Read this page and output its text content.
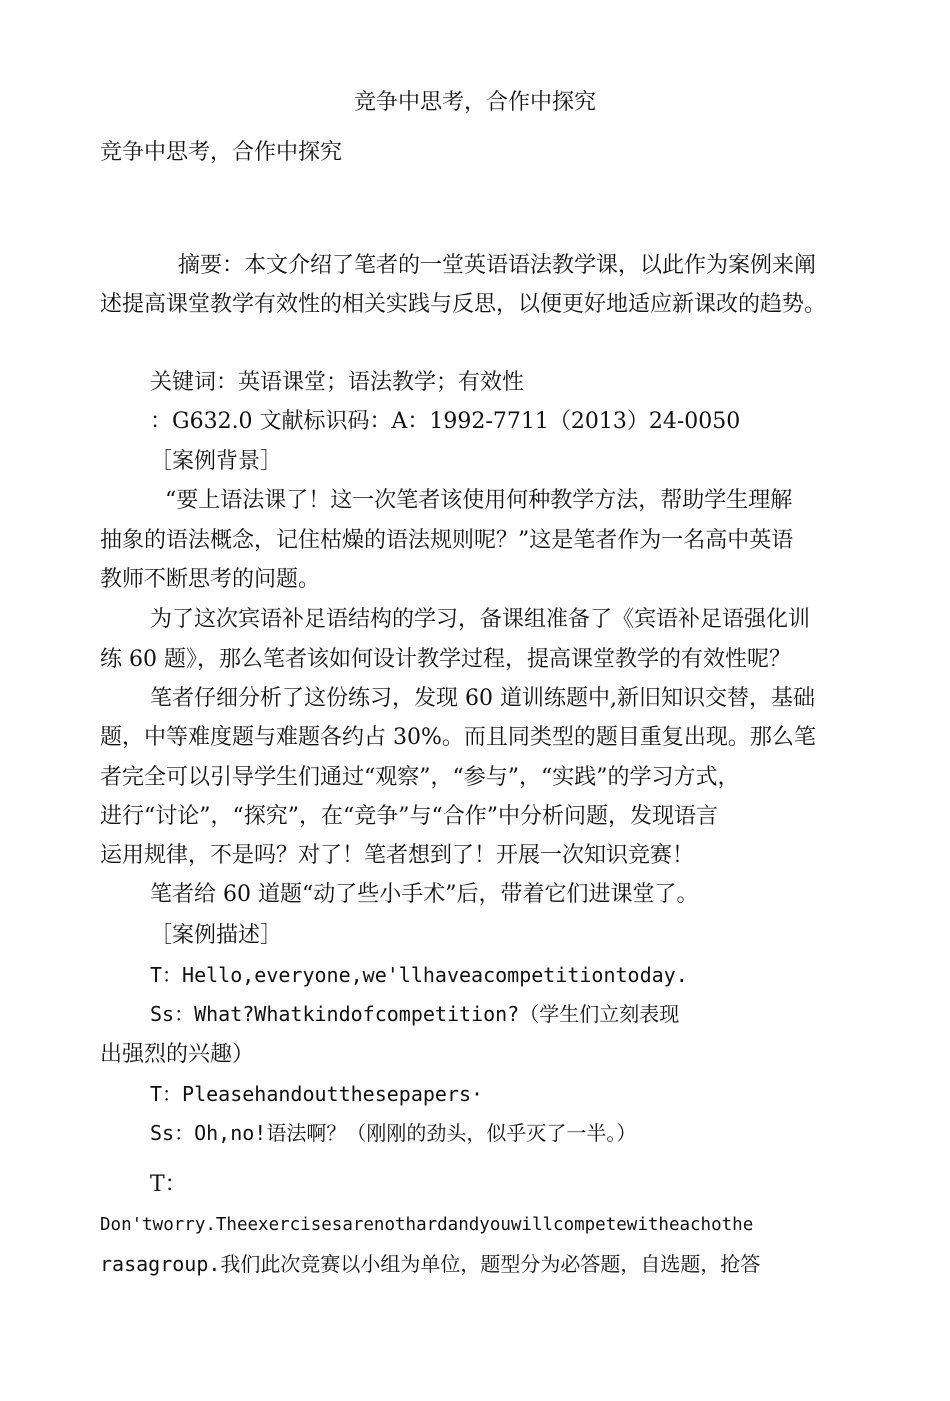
竞争中思考，合作中探究
竞争中思考，合作中探究
摘要：本文介绍了笔者的一堂英语语法教学课，以此作为案例来阐
述提高课堂教学有效性的相关实践与反思，以便更好地适应新课改的趋势。
关键词：英语课堂；语法教学；有效性
：G632.0 文献标识码：A：1992-7711（2013）24-0050
［案例背景］
“要上语法课了！这一次笔者该使用何种教学方法，帮助学生理解
抽象的语法概念，记住枯燥的语法规则呢？”这是笔者作为一名高中英语
教师不断思考的问题。
为了这次宾语补足语结构的学习，备课组准备了《宾语补足语强化训
练 60 题》，那么笔者该如何设计教学过程，提高课堂教学的有效性呢？
笔者仔细分析了这份练习，发现 60 道训练题中,新旧知识交替，基础
题，中等难度题与难题各约占 30%。而且同类型的题目重复出现。那么笔
者完全可以引导学生们通过“观察”，“参与”，“实践”的学习方式，
进行“讨论”，“探究”，在“竞争”与“合作”中分析问题，发现语言
运用规律，不是吗？对了！笔者想到了！开展一次知识竞赛！
笔者给 60 道题“动了些小手术”后，带着它们进课堂了。
［案例描述］
T：Hello,everyone,we'llhaveacompetitiontoday.
Ss：What?Whatkindofcompetition?（学生们立刻表现
出强烈的兴趣）
T：Pleasehandoutthesepapers·
Ss：Oh,no!语法啊？（刚刚的劲头，似乎灭了一半。）
T：
Don'tworry.Theexercisesarenothardandyouwillcompetewitheachothe
rasagroup.我们此次竞赛以小组为单位，题型分为必答题，自选题，抢答
